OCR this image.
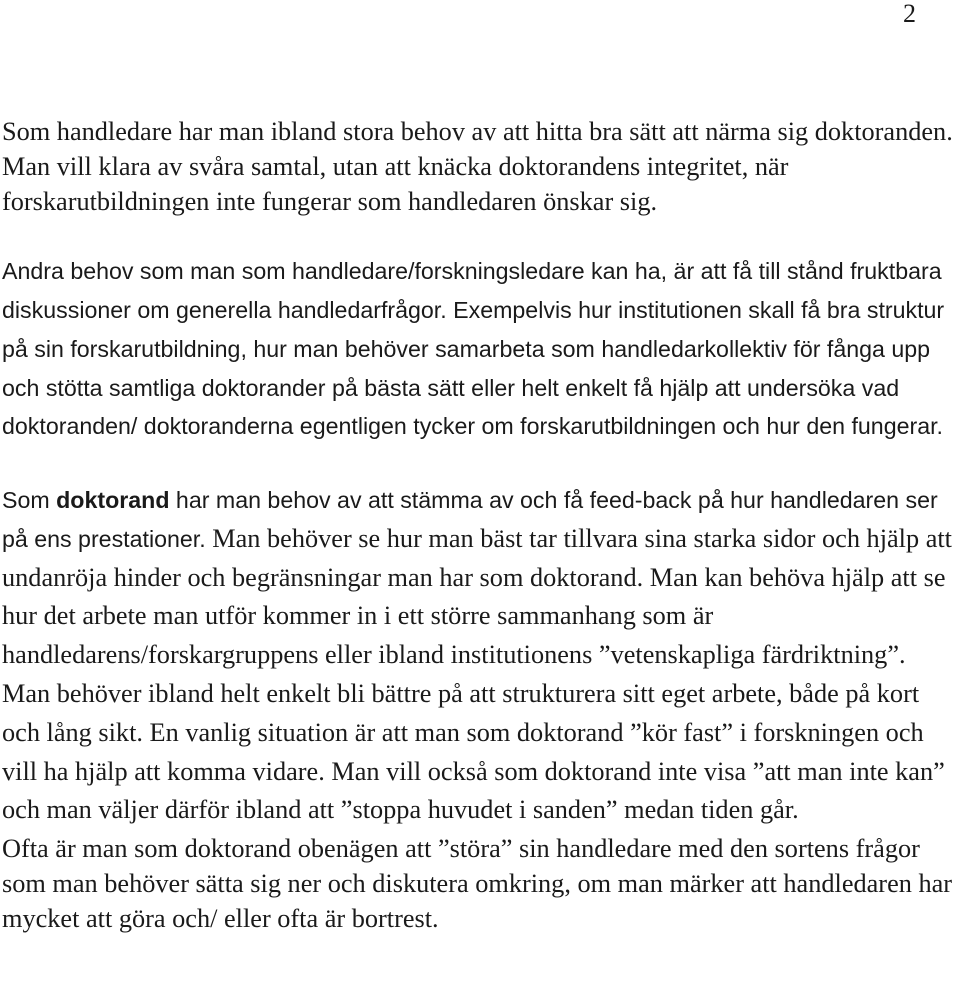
2

Som handledare har man ibland stora behov av att hitta bra sätt att närma sig doktoranden. Man vill klara av svåra samtal, utan att knäcka doktorandens integritet, när forskarutbildningen inte fungerar som handledaren önskar sig.

Andra behov som man som handledare/forskningsledare kan ha, är att få till stånd fruktbara diskussioner om generella handledarfrågor. Exempelvis hur institutionen skall få bra struktur på sin forskarutbildning, hur man behöver samarbeta som handledarkollektiv för fånga upp och stötta samtliga doktorander på bästa sätt eller helt enkelt få hjälp att undersöka vad doktoranden/ doktoranderna egentligen tycker om forskarutbildningen och hur den fungerar.

Som doktorand har man behov av att stämma av och få feed-back på hur handledaren ser på ens prestationer. Man behöver se hur man bäst tar tillvara sina starka sidor och hjälp att undanröja hinder och begränsningar man har som doktorand. Man kan behöva hjälp att se hur det arbete man utför kommer in i ett större sammanhang som är handledarens/forskargruppens eller ibland institutionens ”vetenskapliga färdriktning”. Man behöver ibland helt enkelt bli bättre på att strukturera sitt eget arbete, både på kort och lång sikt. En vanlig situation är att man som doktorand ”kör fast” i forskningen och vill ha hjälp att komma vidare. Man vill också som doktorand inte visa ”att man inte kan” och man väljer därför ibland att ”stoppa huvudet i sanden” medan tiden går.

Ofta är man som doktorand obenägen att ”störa” sin handledare med den sortens frågor som man behöver sätta sig ner och diskutera omkring, om man märker att handledaren har mycket att göra och/ eller ofta är bortrest.
